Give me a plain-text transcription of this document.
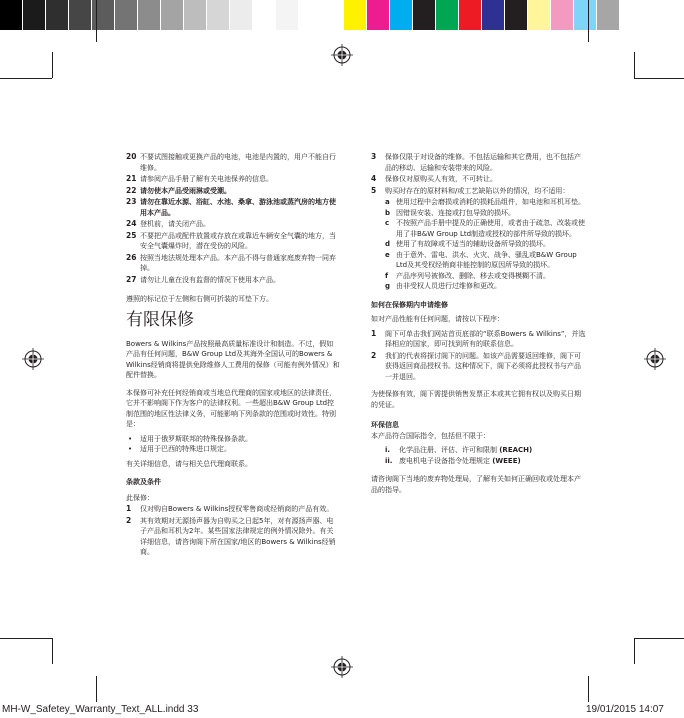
20 不要试图接触或更换产品的电池，电池是内置的，用户不能自行维修。
21 请参阅产品手册了解有关电池保养的信息。
22 请勿使本产品受雨淋或受潮。
23 请勿在靠近水源、浴缸、水池、桑拿、游泳池或蒸汽房的地方使用本产品。
24 登机前，请关闭产品。
25 不要把产品或配件放置或存放在或靠近车辆安全气囊的地方，当安全气囊爆炸时，潜在受伤的风险。
26 按照当地法规处理本产品。本产品不得与普通家庭废弃物一同弃掉。
27 请勿让儿童在没有监督的情况下使用本产品。
遵照的标记位于左侧和右侧可折装的耳垫下方。
有限保修
Bowers & Wilkins产品按照最高质量标准设计和制造。不过，假如产品有任何问题，B&W Group Ltd及其海外全国认可的Bowers & Wilkins经销商将提供免除维修人工费用的保修（可能有例外情况）和配件替换。
本保修可补充任何经销商或当地总代理商的国家或地区的法律责任，它并不影响阁下作为客户的法律权利。一些超出B&W Group Ltd控制范围的地区性法律义务，可能影响下列条款的范围或时效性。特别是：
•	适用于俄罗斯联邦的特殊保修条款。
•	适用于巴西的特殊进口规定。
有关详细信息，请与相关总代理商联系。
条款及条件
此保修：
1	仅对购自Bowers & Wilkins授权零售商或经销商的产品有效。
2	其有效期对无源扬声器为自购买之日起5年，对有源扬声器、电子产品和耳机为2年。某些国家法律规定的例外情况除外。有关详细信息，请咨询阁下所在国家/地区的Bowers & Wilkins经销商。
3	保修仅限于对设备的维修。不包括运输和其它费用，也不包括产品的移动、运输和安装带来的风险。
4	保修仅对原购买人有效，不可转让。
5	购买时存在的原材料和/或工艺缺陷以外的情况，均不适用：
a 使用过程中会磨损或消耗的损耗品组件，如电池和耳机耳垫。
b 因错误安装、连接或打包导致的损坏。
c 不按照产品手册中提及的正确使用，或者由于疏忽、改装或使用了非B&W Group Ltd制造或授权的部件所导致的损坏。
d 使用了有故障或不适当的辅助设备所导致的损坏。
e 由于意外、雷电、洪水、火灾、战争、骚乱或B&W Group Ltd及其受权经销商非能控制的原因所导致的损坏。
f	产品序列号被修改、删除、移去或变得模糊不清。
g 由非受权人员进行过维修和更改。
如何在保修期内申请维修
如对产品性能有任何问题，请按以下程序：
1	阁下可单击我们网站首页底部的“联系Bowers & Wilkins”，并选择相应的国家，即可找到所有的联系信息。
2	我们的代表将探讨阁下的问题。如该产品需要返回维修，阁下可获得返回商品授权书。这种情况下，阁下必须将此授权书与产品一并退回。
为使保修有效，阁下需提供销售发票正本或其它拥有权以及购买日期的凭证。
环保信息
本产品符合国际指令，包括但不限于：
i.	化学品注册、评估、许可和限制 (REACH)
ii. 废电机电子设备指令处理规定 (WEEE)
请咨询阁下当地的废弃物处理局，了解有关如何正确回收或处理本产品的指导。
MH-W_Safetey_Warranty_Text_ALL.indd 33	19/01/2015 14:07
